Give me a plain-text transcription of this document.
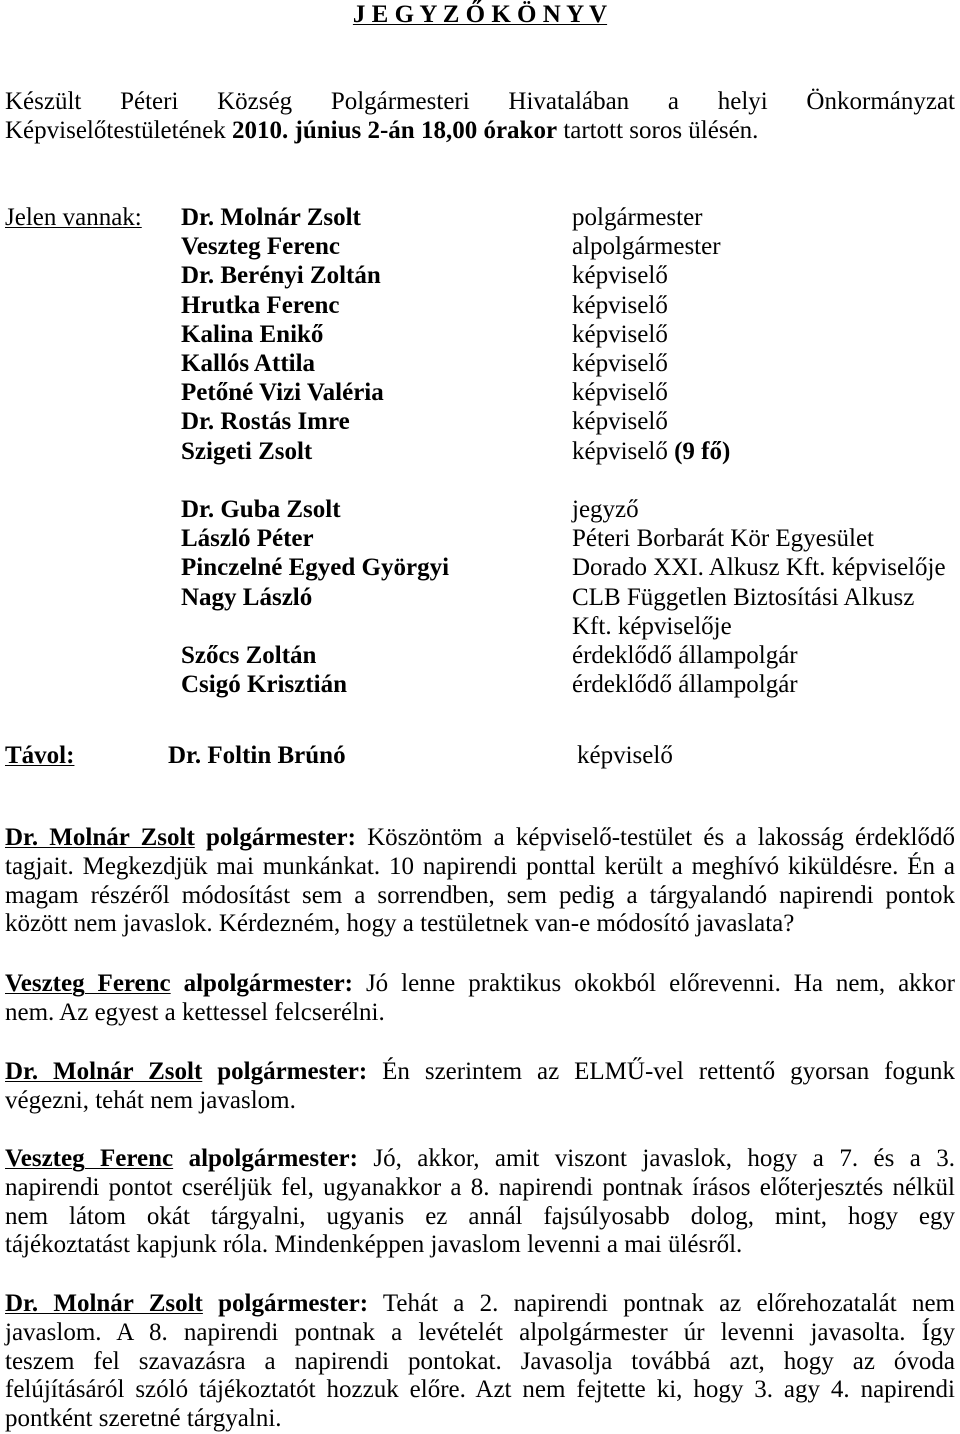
J E G Y Z Ő K Ö N Y V
Készült Péteri Község Polgármesteri Hivatalában a helyi Önkormányzat
Képviselőtestületének 2010. június 2-án 18,00 órakor tartott soros ülésén.
Jelen vannak: Dr. Molnár Zsolt	polgármester
Veszteg Ferenc	alpolgármester
Dr. Berényi Zoltán	képviselő
Hrutka Ferenc	képviselő
Kalina Enikő	képviselő
Kallós Attila	képviselő
Petőné Vizi Valéria	képviselő
Dr. Rostás Imre	képviselő
Szigeti Zsolt	képviselő (9 fő)
Dr. Guba Zsolt	jegyző
László Péter	Péteri Borbarát Kör Egyesület
Pinczelné Egyed Györgyi	Dorado XXI. Alkusz Kft. képviselője
Nagy László	CLB Független Biztosítási Alkusz
Kft. képviselője
Szőcs Zoltán	érdeklődő állampolgár
Csigó Krisztián	érdeklődő állampolgár
Távol:	Dr. Foltin Brúnó	képviselő
Dr. Molnár Zsolt polgármester: Köszöntöm a képviselő-testület és a lakosság érdeklődő
tagjait. Megkezdjük mai munkánkat. 10 napirendi ponttal került a meghívó kiküldésre. Én a
magam részéről módosítást sem a sorrendben, sem pedig a tárgyalandó napirendi pontok
között nem javaslok. Kérdezném, hogy a testületnek van-e módosító javaslata?
Veszteg Ferenc alpolgármester: Jó lenne praktikus okokból előrevenni. Ha nem, akkor
nem. Az egyest a kettessel felcserélni.
Dr. Molnár Zsolt polgármester: Én szerintem az ELMŰ-vel rettentő gyorsan fogunk
végezni, tehát nem javaslom.
Veszteg Ferenc alpolgármester: Jó, akkor, amit viszont javaslok, hogy a 7. és a 3.
napirendi pontot cseréljük fel, ugyanakkor a 8. napirendi pontnak írásos előterjesztés nélkül
nem látom okát tárgyalni, ugyanis ez annál fajsúlyosabb dolog, mint, hogy egy
tájékoztatást kapjunk róla. Mindenképpen javaslom levenni a mai ülésről.
Dr. Molnár Zsolt polgármester: Tehát a 2. napirendi pontnak az előrehozatalát nem
javaslom. A 8. napirendi pontnak a levételét alpolgármester úr levenni javasolta. Így
teszem fel szavazásra a napirendi pontokat. Javasolja továbbá azt, hogy az óvoda
felújításáról szóló tájékoztatót hozzuk előre. Azt nem fejtette ki, hogy 3. agy 4. napirendi
pontként szeretné tárgyalni.
